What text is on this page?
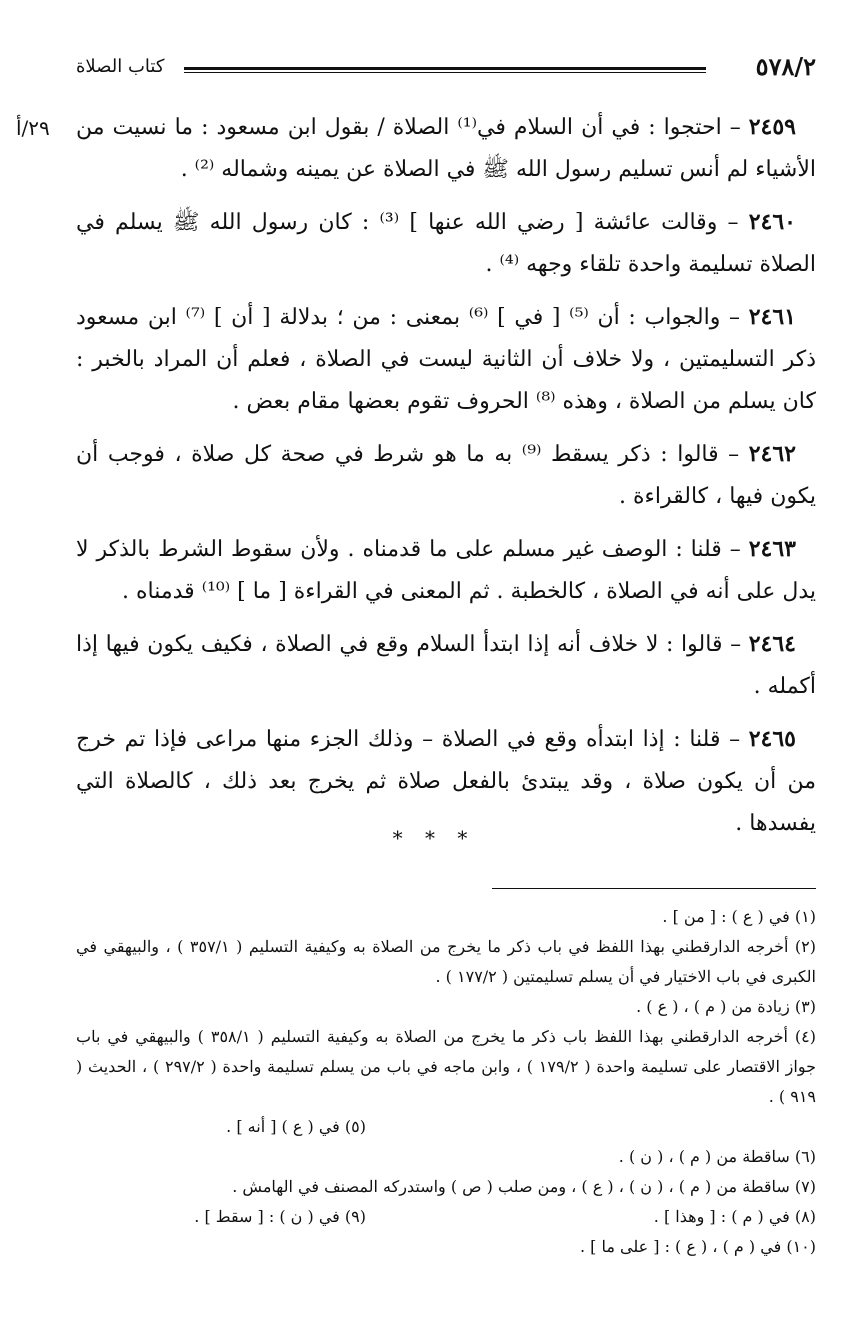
٥٧٨/٢
كتاب الصلاة
٢٩/أ	٢٤٥٩ – احتجوا : في أن السلام في⁽¹⁾ الصلاة / بقول ابن مسعود : ما نسيت من الأشياء لم أنس تسليم رسول الله ﷺ في الصلاة عن يمينه وشماله ⁽²⁾ .

٢٤٦٠ – وقالت عائشة [ رضي الله عنها ] ⁽³⁾ : كان رسول الله ﷺ يسلم في الصلاة تسليمة واحدة تلقاء وجهه ⁽⁴⁾ .

٢٤٦١ – والجواب : أن ⁽⁵⁾ [ في ] ⁽⁶⁾ بمعنى : من ؛ بدلالة [ أن ] ⁽⁷⁾ ابن مسعود ذكر التسليمتين ، ولا خلاف أن الثانية ليست في الصلاة ، فعلم أن المراد بالخبر : كان يسلم من الصلاة ، وهذه ⁽⁸⁾ الحروف تقوم بعضها مقام بعض .

٢٤٦٢ – قالوا : ذكر يسقط ⁽⁹⁾ به ما هو شرط في صحة كل صلاة ، فوجب أن يكون فيها ، كالقراءة .

٢٤٦٣ – قلنا : الوصف غير مسلم على ما قدمناه . ولأن سقوط الشرط بالذكر لا يدل على أنه في الصلاة ، كالخطبة . ثم المعنى في القراءة [ ما ] ⁽¹⁰⁾ قدمناه .

٢٤٦٤ – قالوا : لا خلاف أنه إذا ابتدأ السلام وقع في الصلاة ، فكيف يكون فيها إذا أكمله .

٢٤٦٥ – قلنا : إذا ابتدأه وقع في الصلاة – وذلك الجزء منها مراعى فإذا تم خرج من أن يكون صلاة ، وقد يبتدئ بالفعل صلاة ثم يخرج بعد ذلك ، كالصلاة التي يفسدها .

* * *

(١) في ( ع ) : [ من ] .

(٢) أخرجه الدارقطني بهذا اللفظ في باب ذكر ما يخرج من الصلاة به وكيفية التسليم ( ٣٥٧/١ ) ، والبيهقي في الكبرى في باب الاختيار في أن يسلم تسليمتين ( ١٧٧/٢ ) .

(٣) زيادة من ( م ) ، ( ع ) .

(٤) أخرجه الدارقطني بهذا اللفظ باب ذكر ما يخرج من الصلاة به وكيفية التسليم ( ٣٥٨/١ ) والبيهقي في باب جواز الاقتصار على تسليمة واحدة ( ١٧٩/٢ ) ، وابن ماجه في باب من يسلم تسليمة واحدة ( ٢٩٧/٢ ) ، الحديث ( ٩١٩ ) .

(٥) في ( ع ) [ أنه ] .

(٦) ساقطة من ( م ) ، ( ن ) .

(٧) ساقطة من ( م ) ، ( ن ) ، ( ع ) ، ومن صلب ( ص ) واستدركه المصنف في الهامش .

(٨) في ( م ) : [ وهذا ] .
(٩) في ( ن ) : [ سقط ] .

(١٠) في ( م ) ، ( ع ) : [ على ما ] .
